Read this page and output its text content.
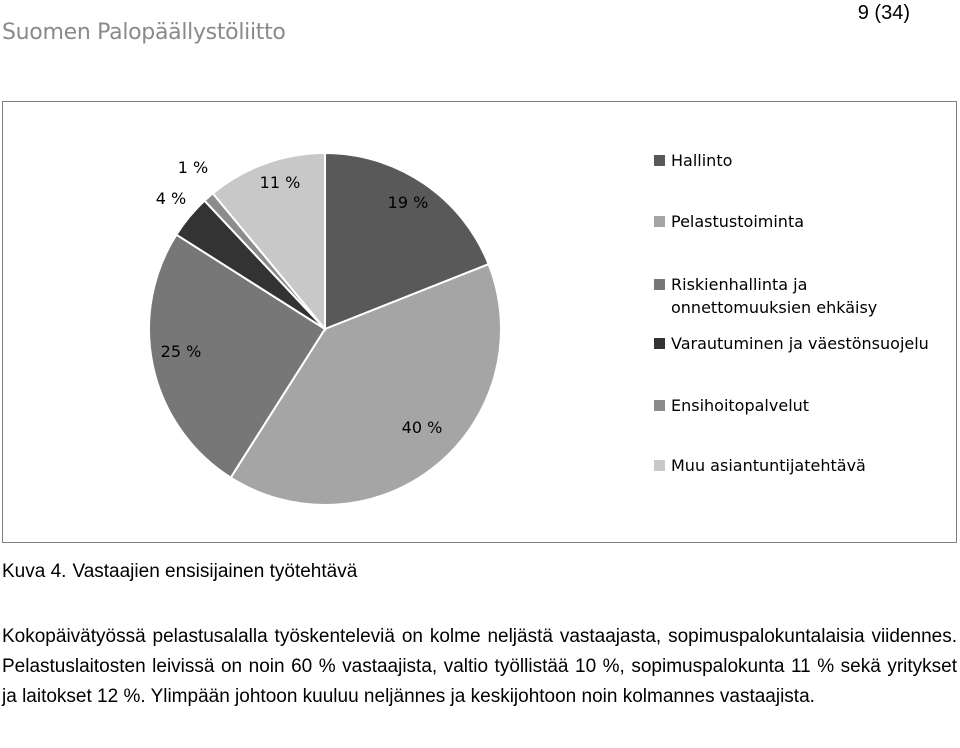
Suomen Palopäällystöliitto
9 (34)
19 %
40 %
25 %
4 %
1 %
11 %
Hallinto
Pelastustoiminta
Riskienhallinta ja
onnettomuuksien ehkäisy
Varautuminen ja väestönsuojelu
Ensihoitopalvelut
Muu asiantuntijatehtävä
Kuva 4. Vastaajien ensisijainen työtehtävä
Kokopäivätyössä pelastusalalla työskenteleviä on kolme neljästä vastaajasta, sopimuspalokuntalaisia viidennes. Pelastuslaitosten leivissä on noin 60 % vastaajista, valtio työllistää 10 %, sopimuspalokunta 11 % sekä yritykset ja laitokset 12 %. Ylimpään johtoon kuuluu neljännes ja keskijohtoon noin kolmannes vastaajista.
